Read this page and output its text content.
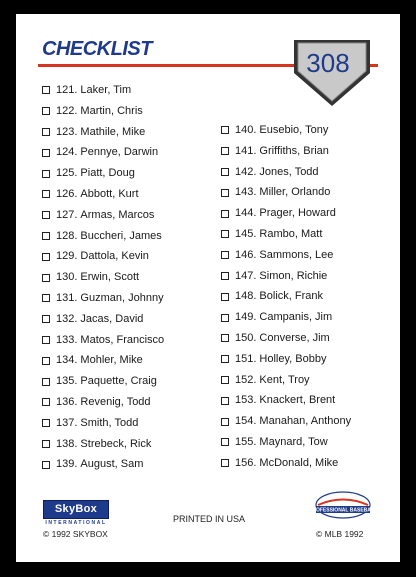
CHECKLIST	308
121. Laker, Tim
122. Martin, Chris
123. Mathile, Mike
124. Pennye, Darwin
125. Piatt, Doug
126. Abbott, Kurt
127. Armas, Marcos
128. Buccheri, James
129. Dattola, Kevin
130. Erwin, Scott
131. Guzman, Johnny
132. Jacas, David
133. Matos, Francisco
134. Mohler, Mike
135. Paquette, Craig
136. Revenig, Todd
137. Smith, Todd
138. Strebeck, Rick
139. August, Sam
140. Eusebio, Tony
141. Griffiths, Brian
142. Jones, Todd
143. Miller, Orlando
144. Prager, Howard
145. Rambo, Matt
146. Sammons, Lee
147. Simon, Richie
148. Bolick, Frank
149. Campanis, Jim
150. Converse, Jim
151. Holley, Bobby
152. Kent, Troy
153. Knackert, Brent
154. Manahan, Anthony
155. Maynard, Tow
156. McDonald, Mike
SkyBox
INTERNATIONAL
© 1992 SKYBOX
PRINTED IN USA
PROFESSIONAL BASEBALL
© MLB 1992
